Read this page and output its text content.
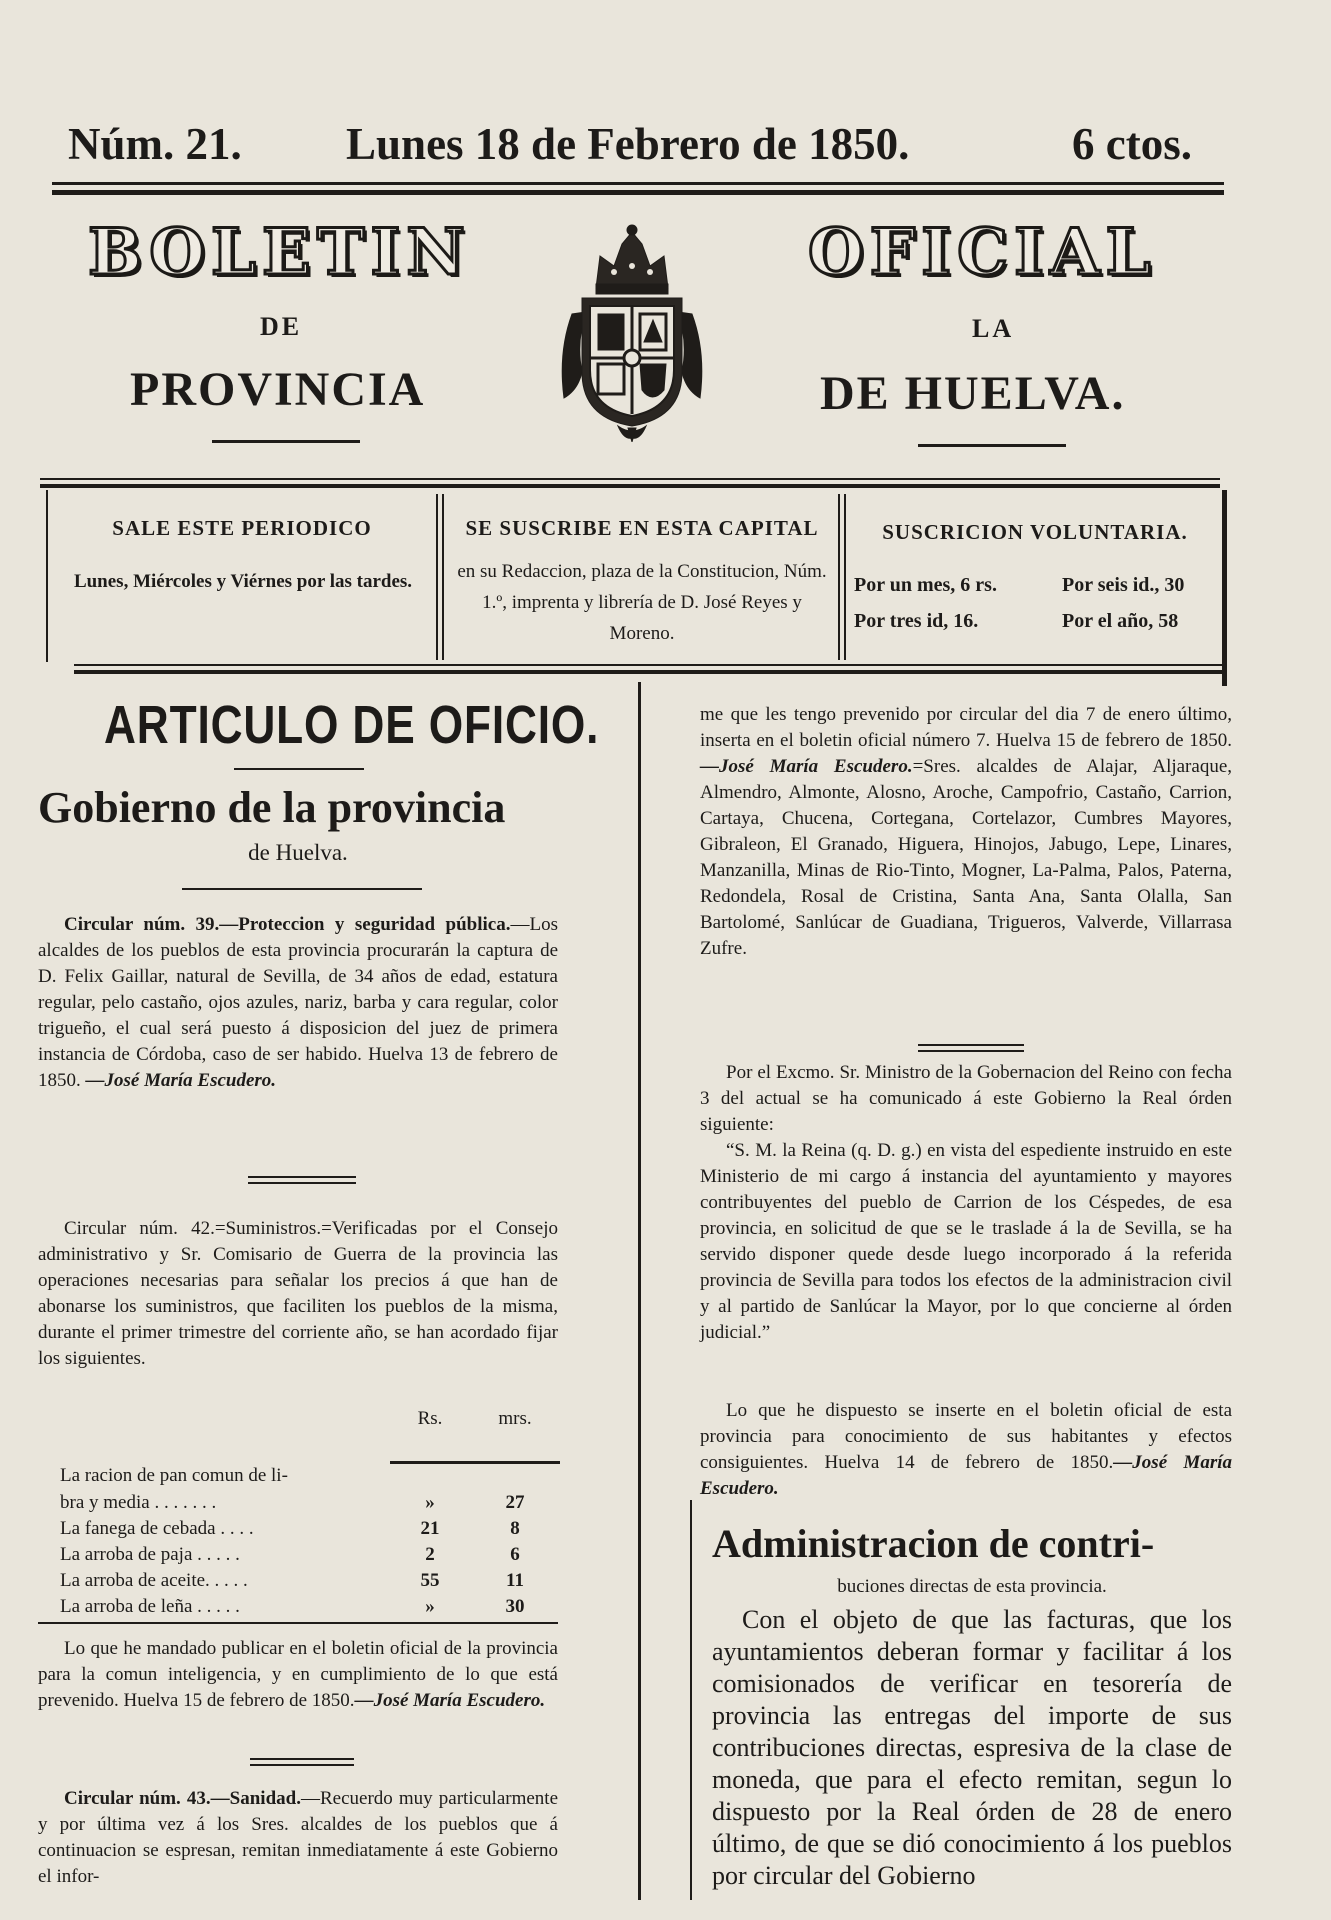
Núm. 21. Lunes 18 de Febrero de 1850.	6 ctos.
BOLETIN	OFICIAL
DE	LA
PROVINCIA	DE HUELVA.
SALE ESTE PERIODICO
Lunes, Miércoles y Viérnes por las tardes.
SE SUSCRIBE EN ESTA CAPITAL
en su Redaccion, plaza de la Constitucion, Núm. 1.º, imprenta y librería de D. José Reyes y Moreno.
SUSCRICION VOLUNTARIA.
Por un mes, 6 rs.	Por seis id., 30
Por tres id, 16.	Por el año, 58
ARTICULO DE OFICIO.
Gobierno de la provincia
de Huelva.
Circular núm. 39.—Proteccion y seguridad pública.—Los alcaldes de los pueblos de esta provincia procurarán la captura de D. Felix Gaillar, natural de Sevilla, de 34 años de edad, estatura regular, pelo castaño, ojos azules, nariz, barba y cara regular, color trigueño, el cual será puesto á disposicion del juez de primera instancia de Córdoba, caso de ser habido. Huelva 13 de febrero de 1850. —José María Escudero.
Circular núm. 42.=Suministros.=Verificadas por el Consejo administrativo y Sr. Comisario de Guerra de la provincia las operaciones necesarias para señalar los precios á que han de abonarse los suministros, que faciliten los pueblos de la misma, durante el primer trimestre del corriente año, se han acordado fijar los siguientes.
	Rs.	mrs.

La racion de pan comun de li-		
bra y media . . . . . . .	»	27
La fanega de cebada . . . .	21	8
La arroba de paja . . . . .	2	6
La arroba de aceite. . . . .	55	11
La arroba de leña . . . . .	»	30
Lo que he mandado publicar en el boletin oficial de la provincia para la comun inteligencia, y en cumplimiento de lo que está prevenido. Huelva 15 de febrero de 1850.—José María Escudero.
Circular núm. 43.—Sanidad.—Recuerdo muy particularmente y por última vez á los Sres. alcaldes de los pueblos que á continuacion se espresan, remitan inmediatamente á este Gobierno el infor-
me que les tengo prevenido por circular del dia 7 de enero último, inserta en el boletin oficial número 7. Huelva 15 de febrero de 1850.—José María Escudero.=Sres. alcaldes de Alajar, Aljaraque, Almendro, Almonte, Alosno, Aroche, Campofrio, Castaño, Carrion, Cartaya, Chucena, Cortegana, Cortelazor, Cumbres Mayores, Gibraleon, El Granado, Higuera, Hinojos, Jabugo, Lepe, Linares, Manzanilla, Minas de Rio-Tinto, Mogner, La-Palma, Palos, Paterna, Redondela, Rosal de Cristina, Santa Ana, Santa Olalla, San Bartolomé, Sanlúcar de Guadiana, Trigueros, Valverde, Villarrasa Zufre.
Por el Excmo. Sr. Ministro de la Gobernacion del Reino con fecha 3 del actual se ha comunicado á este Gobierno la Real órden siguiente:
“S. M. la Reina (q. D. g.) en vista del espediente instruido en este Ministerio de mi cargo á instancia del ayuntamiento y mayores contribuyentes del pueblo de Carrion de los Céspedes, de esa provincia, en solicitud de que se le traslade á la de Sevilla, se ha servido disponer quede desde luego incorporado á la referida provincia de Sevilla para todos los efectos de la administracion civil y al partido de Sanlúcar la Mayor, por lo que concierne al órden judicial.”
Lo que he dispuesto se inserte en el boletin oficial de esta provincia para conocimiento de sus habitantes y efectos consiguientes. Huelva 14 de febrero de 1850.—José María Escudero.
Administracion de contri-
buciones directas de esta provincia.
Con el objeto de que las facturas, que los ayuntamientos deberan formar y facilitar á los comisionados de verificar en tesorería de provincia las entregas del importe de sus contribuciones directas, espresiva de la clase de moneda, que para el efecto remitan, segun lo dispuesto por la Real órden de 28 de enero último, de que se dió conocimiento á los pueblos por circular del Gobierno
